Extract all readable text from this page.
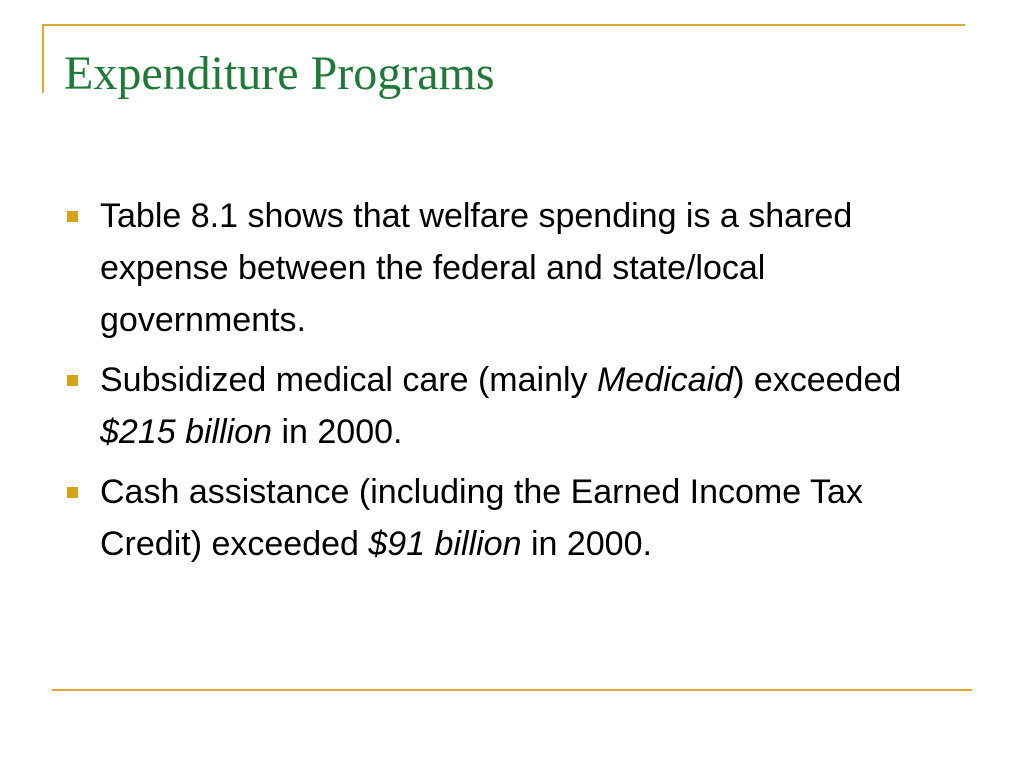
Expenditure Programs
Table 8.1 shows that welfare spending is a shared expense between the federal and state/local governments.
Subsidized medical care (mainly Medicaid) exceeded $215 billion in 2000.
Cash assistance (including the Earned Income Tax Credit) exceeded $91 billion in 2000.
